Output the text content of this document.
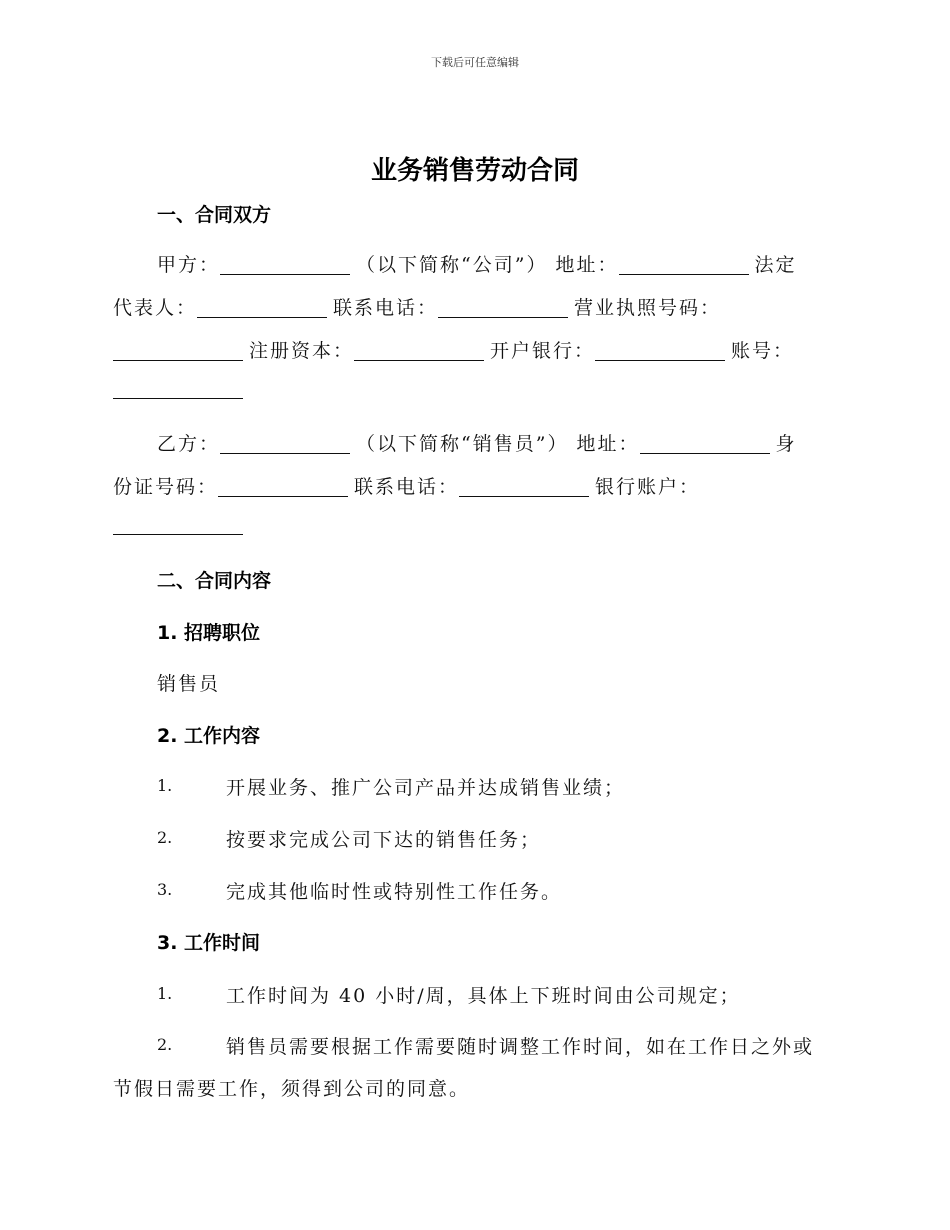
下载后可任意编辑
业务销售劳动合同
一、合同双方
甲方：	（以下简称“公司”） 地址：	法定
代表人：	联系电话：	营业执照号码：
注册资本：	开户银行：	账号：
乙方：	（以下简称“销售员”） 地址：	身
份证号码：	联系电话：	银行账户：
二、合同内容
1. 招聘职位
销售员
2. 工作内容
1.	开展业务、推广公司产品并达成销售业绩；
2.	按要求完成公司下达的销售任务；
3.	完成其他临时性或特别性工作任务。
3. 工作时间
1.	工作时间为 40 小时/周，具体上下班时间由公司规定；
2.	销售员需要根据工作需要随时调整工作时间，如在工作日之外或
节假日需要工作，须得到公司的同意。
